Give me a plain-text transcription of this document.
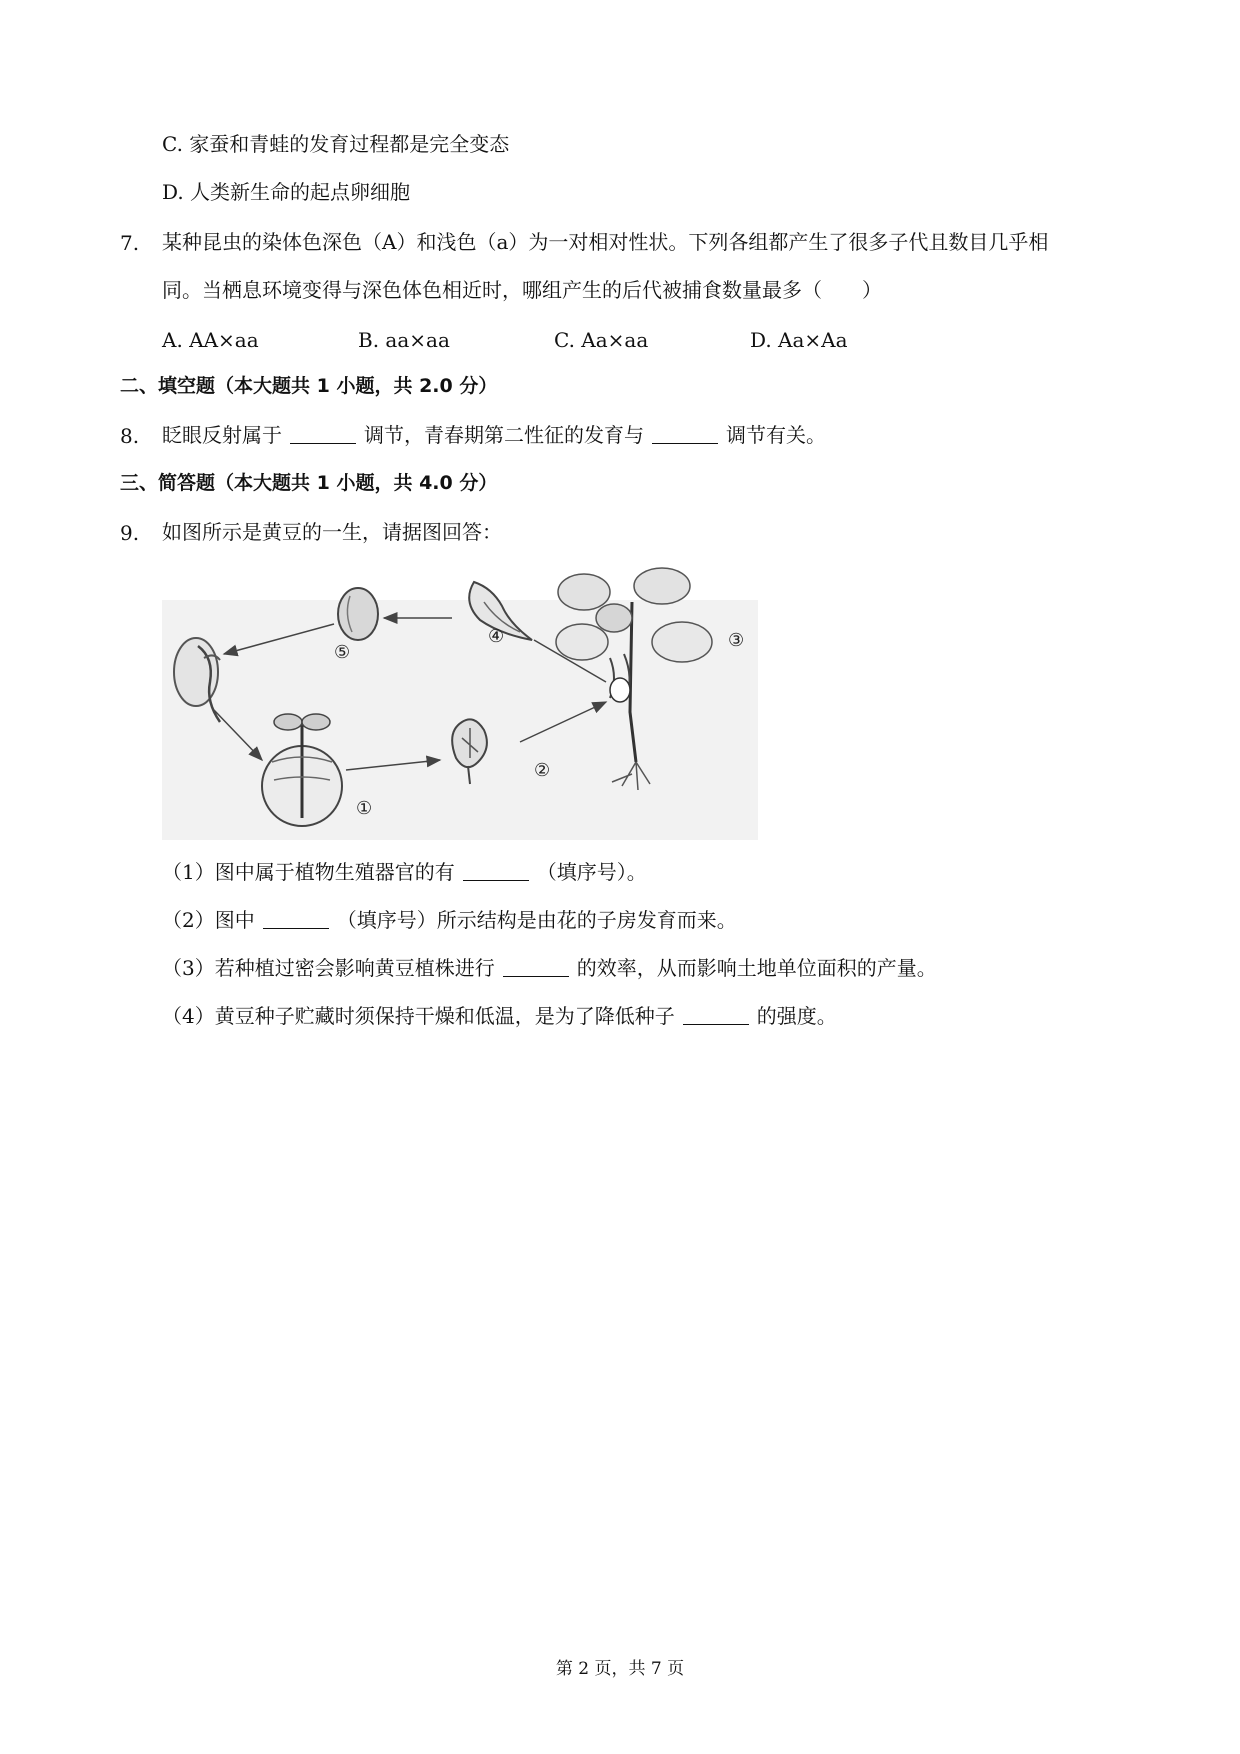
C. 家蚕和青蛙的发育过程都是完全变态
D. 人类新生命的起点卵细胞
7. 某种昆虫的染体色深色（A）和浅色（a）为一对相对性状。下列各组都产生了很多子代且数目几乎相
同。当栖息环境变得与深色体色相近时，哪组产生的后代被捕食数量最多（　　）
A. AA×aa	B. aa×aa	C. Aa×aa	D. Aa×Aa
二、填空题（本大题共 1 小题，共 2.0 分）
8. 眨眼反射属于	调节，青春期第二性征的发育与	调节有关。
三、简答题（本大题共 1 小题，共 4.0 分）
9. 如图所示是黄豆的一生，请据图回答：
⑤
④	③
②
①
（1）图中属于植物生殖器官的有	（填序号）。
（2）图中	（填序号）所示结构是由花的子房发育而来。
（3）若种植过密会影响黄豆植株进行	的效率，从而影响土地单位面积的产量。
（4）黄豆种子贮藏时须保持干燥和低温，是为了降低种子	的强度。
第 2 页，共 7 页
